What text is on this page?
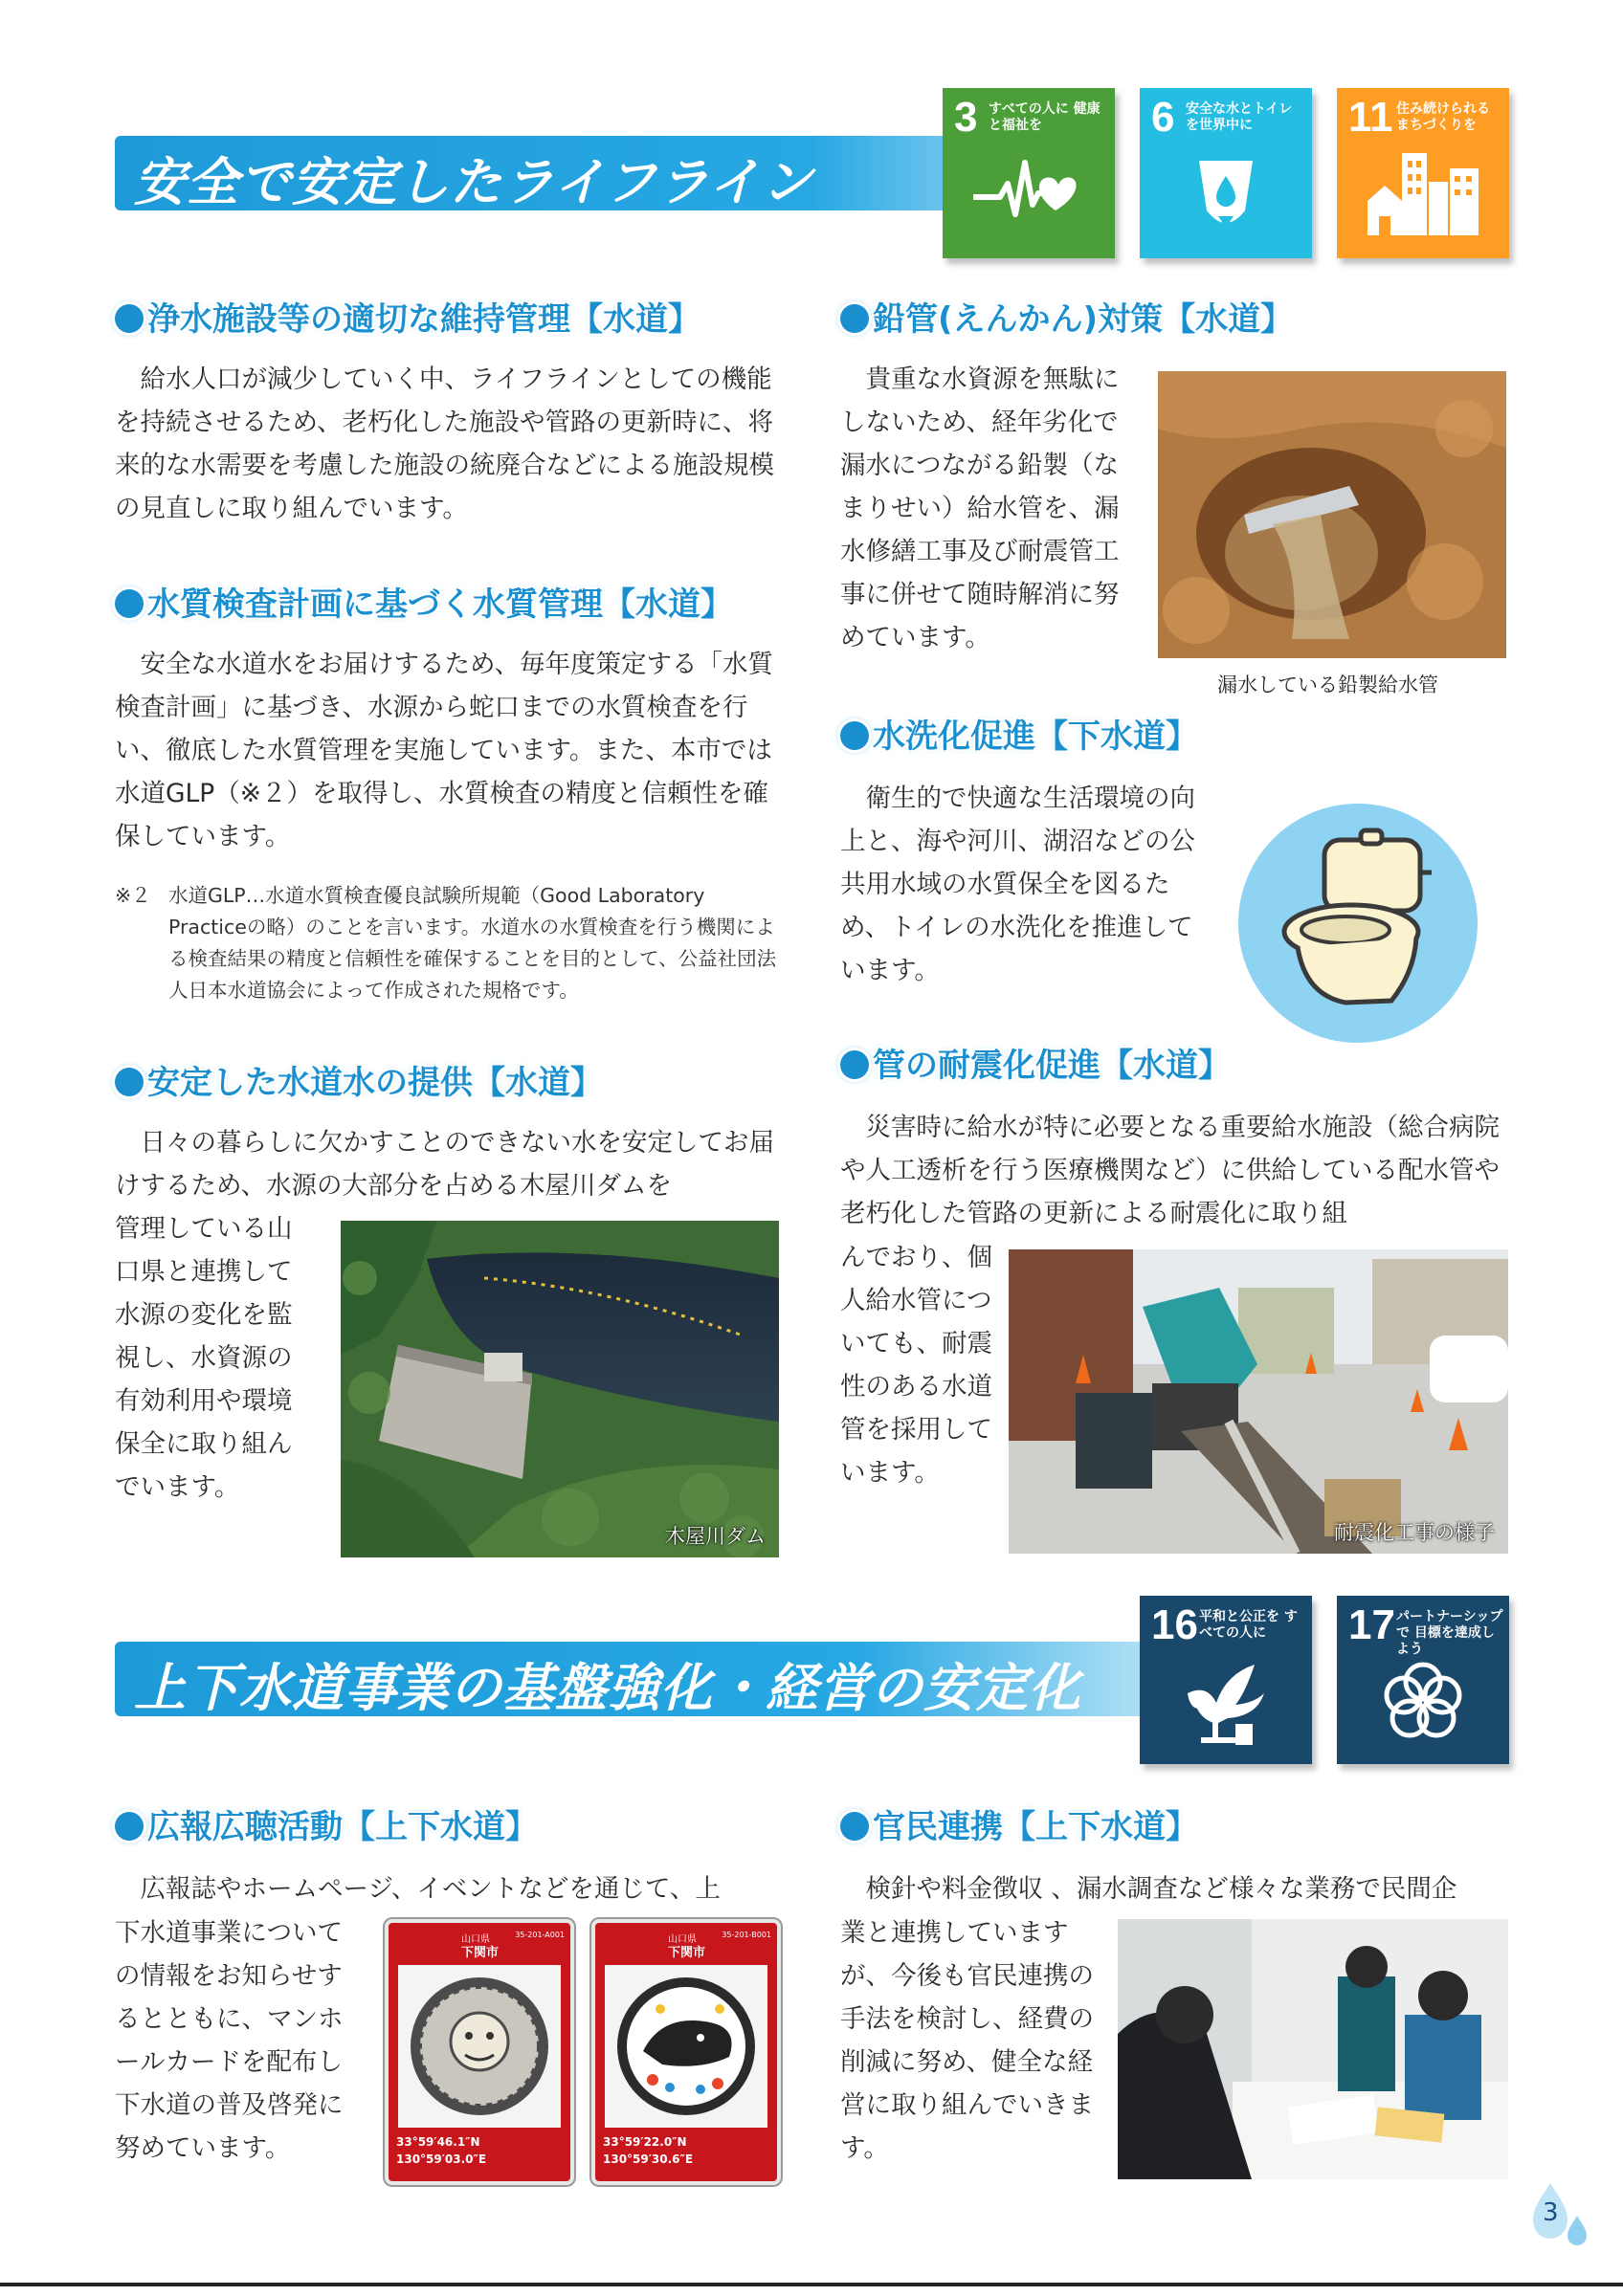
安全で安定したライフライン
3 すべての人に 健康と福祉を	6 安全な水とトイレ を世界中に	11 住み続けられる まちづくりを
浄水施設等の適切な維持管理【水道】
給水人口が減少していく中、ライフラインとしての機能を持続させるため、老朽化した施設や管路の更新時に、将来的な水需要を考慮した施設の統廃合などによる施設規模の見直しに取り組んでいます。
水質検査計画に基づく水質管理【水道】
安全な水道水をお届けするため、毎年度策定する「水質検査計画」に基づき、水源から蛇口までの水質検査を行い、徹底した水質管理を実施しています。また、本市では水道GLP（※２）を取得し、水質検査の精度と信頼性を確保しています。
※２ 水道GLP…水道水質検査優良試験所規範（Good Laboratory Practiceの略）のことを言います。水道水の水質検査を行う機関による検査結果の精度と信頼性を確保することを目的として、公益社団法人日本水道協会によって作成された規格です。
安定した水道水の提供【水道】
日々の暮らしに欠かすことのできない水を安定してお届けするため、水源の大部分を占める木屋川ダムを
管理している山口県と連携して水源の変化を監視し、水資源の有効利用や環境保全に取り組んでいます。
木屋川ダム
鉛管(えんかん)対策【水道】
貴重な水資源を無駄にしないため、経年劣化で漏水につながる鉛製（なまりせい）給水管を、漏水修繕工事及び耐震管工事に併せて随時解消に努めています。
漏水している鉛製給水管
水洗化促進【下水道】
衛生的で快適な生活環境の向上と、海や河川、湖沼などの公共用水域の水質保全を図るため、トイレの水洗化を推進しています。
管の耐震化促進【水道】
災害時に給水が特に必要となる重要給水施設（総合病院や人工透析を行う医療機関など）に供給している配水管や老朽化した管路の更新による耐震化に取り組
んでおり、個人給水管についても、耐震性のある水道管を採用しています。
耐震化工事の様子
上下水道事業の基盤強化・経営の安定化
16 平和と公正を すべての人に	17 パートナーシップで 目標を達成しよう
広報広聴活動【上下水道】
広報誌やホームページ、イベントなどを通じて、上
下水道事業についての情報をお知らせするとともに、マンホールカードを配布し下水道の普及啓発に努めています。
山口県
下関市
35-201-A001
33°59′46.1″N
130°59′03.0″E
山口県
下関市
35-201-B001
33°59′22.0″N
130°59′30.6″E
官民連携【上下水道】
検針や料金徴収 、漏水調査など様々な業務で民間企
業と連携していますが、今後も官民連携の手法を検討し、経費の削減に努め、健全な経営に取り組んでいきます。
3
